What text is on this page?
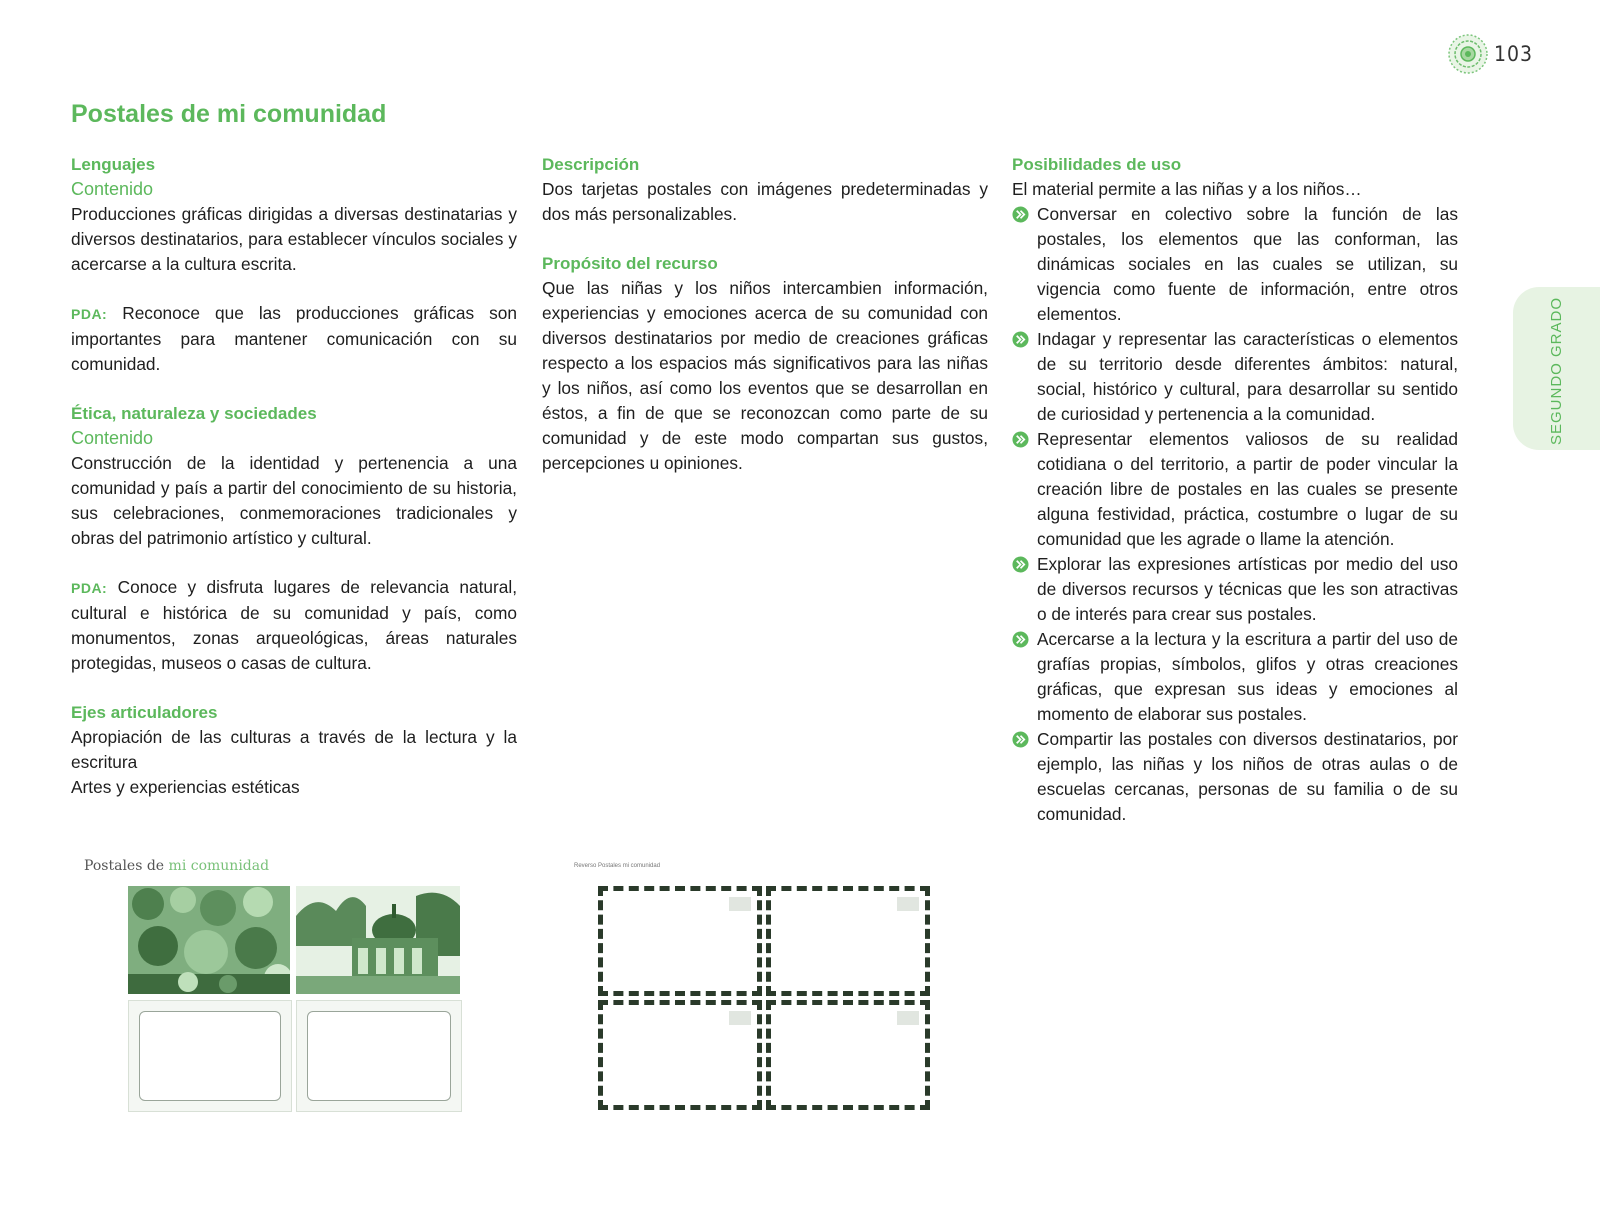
103
SEGUNDO GRADO
Postales de mi comunidad
Lenguajes
Contenido

Producciones gráficas dirigidas a diversas destinatarias y diversos destinatarios, para establecer vínculos sociales y acercarse a la cultura escrita.

PDA: Reconoce que las producciones gráficas son importantes para mantener comunicación con su comunidad.

Ética, naturaleza y sociedades
Contenido

Construcción de la identidad y pertenencia a una comunidad y país a partir del conocimiento de su historia, sus celebraciones, conmemoraciones tradicionales y obras del patrimonio artístico y cultural.

PDA: Conoce y disfruta lugares de relevancia natural, cultural e histórica de su comunidad y país, como monumentos, zonas arqueológicas, áreas naturales protegidas, museos o casas de cultura.

Ejes articuladores

Apropiación de las culturas a través de la lectura y la escritura

Artes y experiencias estéticas

Descripción

Dos tarjetas postales con imágenes predeterminadas y dos más personalizables.

Propósito del recurso

Que las niñas y los niños intercambien información, experiencias y emociones acerca de su comunidad con diversos destinatarios por medio de creaciones gráficas respecto a los espacios más significativos para las niñas y los niños, así como los eventos que se desarrollan en éstos, a fin de que se reconozcan como parte de su comunidad y de este modo compartan sus gustos, percepciones u opiniones.

Posibilidades de uso

El material permite a las niñas y a los niños…

Conversar en colectivo sobre la función de las postales, los elementos que las conforman, las dinámicas sociales en las cuales se utilizan, su vigencia como fuente de información, entre otros elementos.
Indagar y representar las características o elementos de su territorio desde diferentes ámbitos: natural, social, histórico y cultural, para desarrollar su sentido de curiosidad y pertenencia a la comunidad.
Representar elementos valiosos de su realidad cotidiana o del territorio, a partir de poder vincular la creación libre de postales en las cuales se presente alguna festividad, práctica, costumbre o lugar de su comunidad que les agrade o llame la atención.
Explorar las expresiones artísticas por medio del uso de diversos recursos y técnicas que les son atractivas o de interés para crear sus postales.
Acercarse a la lectura y la escritura a partir del uso de grafías propias, símbolos, glifos y otras creaciones gráficas, que expresan sus ideas y emociones al momento de elaborar sus postales.
Compartir las postales con diversos destinatarios, por ejemplo, las niñas y los niños de otras aulas o de escuelas cercanas, personas de su familia o de su comunidad.
Postales de mi comunidad	Reverso Postales mi comunidad
